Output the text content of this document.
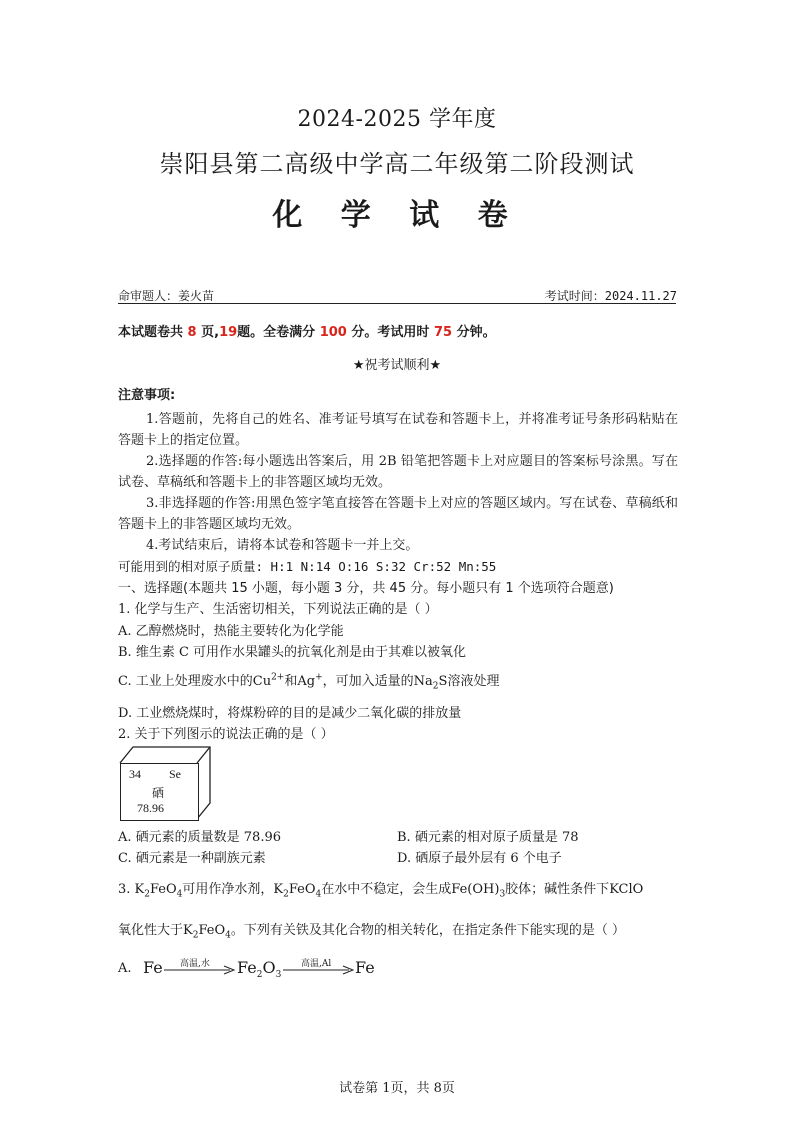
2024-2025 学年度
崇阳县第二高级中学高二年级第二阶段测试
化 学 试 卷
命审题人：姜火苗	考试时间：2024.11.27
本试题卷共 8 页,19题。全卷满分 100 分。考试用时 75 分钟。
★祝考试顺利★
注意事项:
1.答题前，先将自己的姓名、准考证号填写在试卷和答题卡上，并将准考证号条形码粘贴在答题卡上的指定位置。
2.选择题的作答:每小题选出答案后，用 2B 铅笔把答题卡上对应题目的答案标号涂黑。写在试卷、草稿纸和答题卡上的非答题区域均无效。
3.非选择题的作答:用黑色签字笔直接答在答题卡上对应的答题区域内。写在试卷、草稿纸和答题卡上的非答题区域均无效。
4.考试结束后，请将本试卷和答题卡一并上交。
可能用到的相对原子质量: H:1 N:14 O:16 S:32 Cr:52 Mn:55
一、选择题(本题共 15 小题，每小题 3 分，共 45 分。每小题只有 1 个选项符合题意)
1. 化学与生产、生活密切相关，下列说法正确的是（ ）
A. 乙醇燃烧时，热能主要转化为化学能
B. 维生素 C 可用作水果罐头的抗氧化剂是由于其难以被氧化
C. 工业上处理废水中的$Cu^{2+}$和Ag+，可加入适量的$Na_2S$溶液处理
D. 工业燃烧煤时，将煤粉碎的目的是减少二氧化碳的排放量
2. 关于下列图示的说法正确的是（ ）
34 Se
硒
78.96
A. 硒元素的质量数是 78.96	B. 硒元素的相对原子质量是 78
C. 硒元素是一种副族元素	D. 硒原子最外层有 6 个电子
3. $K_2FeO_4$可用作净水剂，$K_2FeO_4$在水中不稳定，会生成$Fe(OH)_3$胶体；碱性条件下KClO
氧化性大于$K_2FeO_4$。下列有关铁及其化合物的相关转化，在指定条件下能实现的是（ ）
A. Fe 高温,水 $Fe_2O_3$
高温,Al Fe
试卷第 1页，共 8页
